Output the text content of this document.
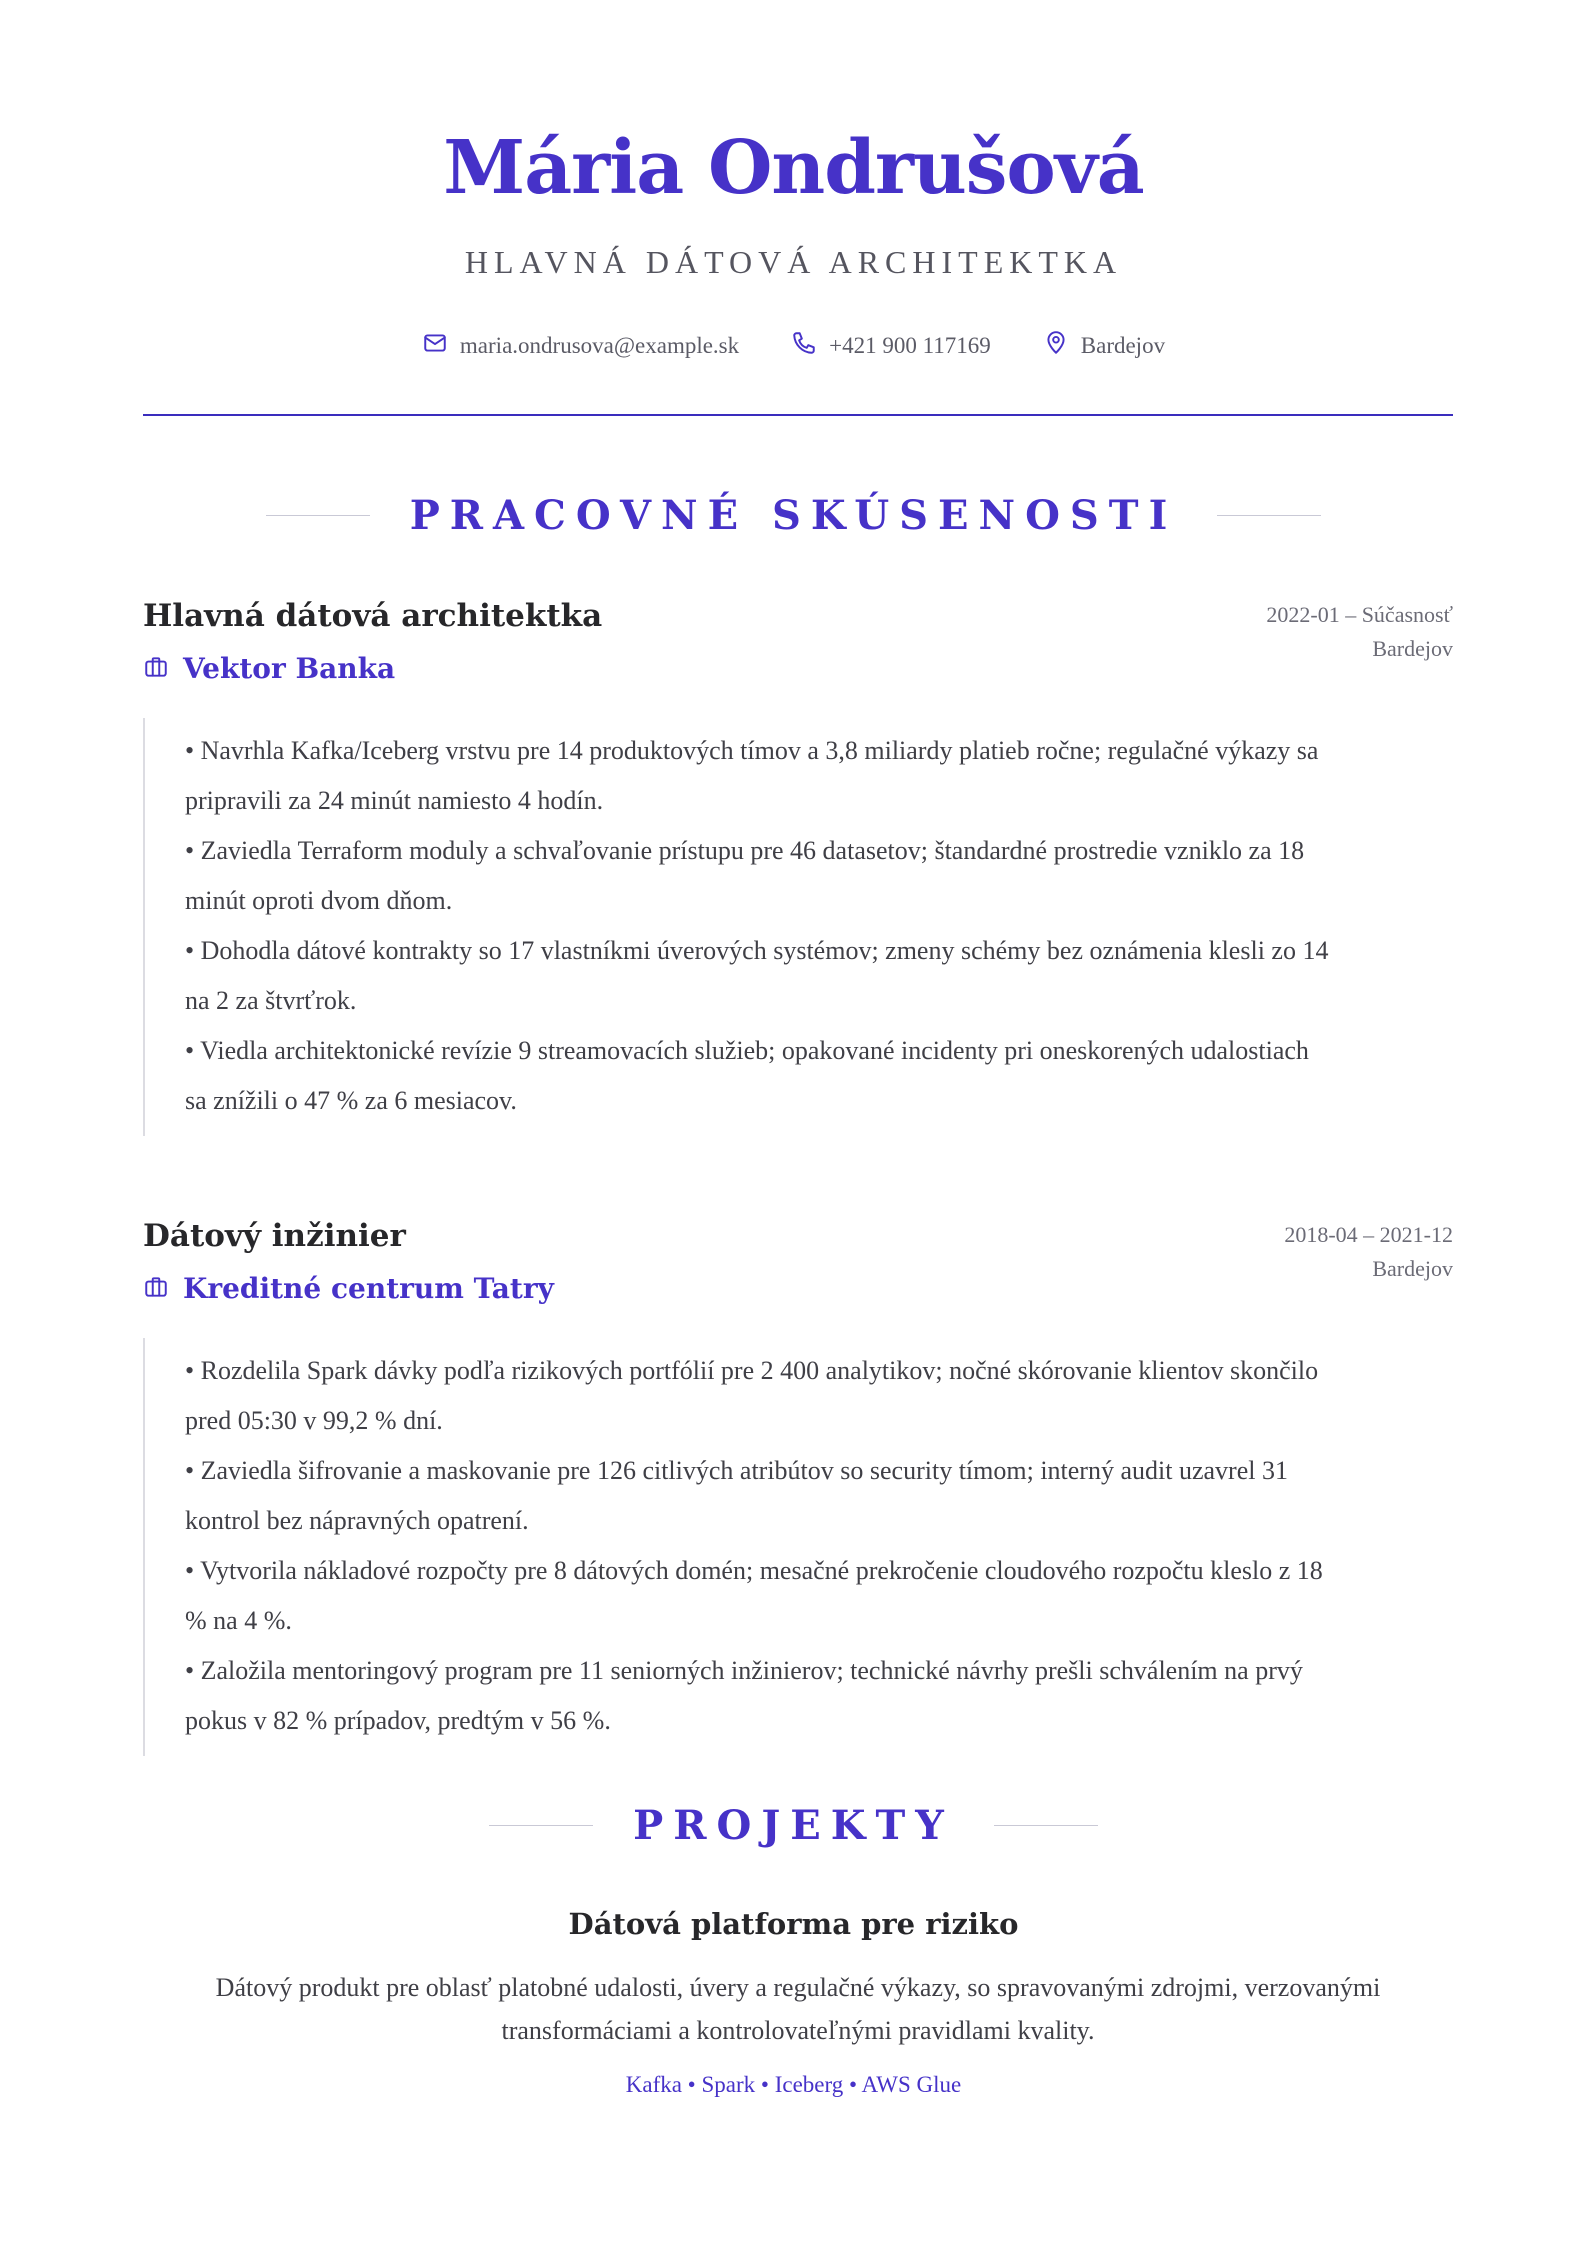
Mária Ondrušová
HLAVNÁ DÁTOVÁ ARCHITEKTKA
maria.ondrusova@example.sk	+421 900 117169	Bardejov
PRACOVNÉ SKÚSENOSTI
Hlavná dátová architektka
Vektor Banka
2022-01 – Súčasnosť
Bardejov
• Navrhla Kafka/Iceberg vrstvu pre 14 produktových tímov a 3,8 miliardy platieb ročne; regulačné výkazy sa
pripravili za 24 minút namiesto 4 hodín.
• Zaviedla Terraform moduly a schvaľovanie prístupu pre 46 datasetov; štandardné prostredie vzniklo za 18
minút oproti dvom dňom.
• Dohodla dátové kontrakty so 17 vlastníkmi úverových systémov; zmeny schémy bez oznámenia klesli zo 14
na 2 za štvrťrok.
• Viedla architektonické revízie 9 streamovacích služieb; opakované incidenty pri oneskorených udalostiach
sa znížili o 47 % za 6 mesiacov.
Dátový inžinier
Kreditné centrum Tatry
2018-04 – 2021-12
Bardejov
• Rozdelila Spark dávky podľa rizikových portfólií pre 2 400 analytikov; nočné skórovanie klientov skončilo
pred 05:30 v 99,2 % dní.
• Zaviedla šifrovanie a maskovanie pre 126 citlivých atribútov so security tímom; interný audit uzavrel 31
kontrol bez nápravných opatrení.
• Vytvorila nákladové rozpočty pre 8 dátových domén; mesačné prekročenie cloudového rozpočtu kleslo z 18
% na 4 %.
• Založila mentoringový program pre 11 seniorných inžinierov; technické návrhy prešli schválením na prvý
pokus v 82 % prípadov, predtým v 56 %.
PROJEKTY
Dátová platforma pre riziko
Dátový produkt pre oblasť platobné udalosti, úvery a regulačné výkazy, so spravovanými zdrojmi, verzovanými transformáciami a kontrolovateľnými pravidlami kvality.
Kafka • Spark • Iceberg • AWS Glue
